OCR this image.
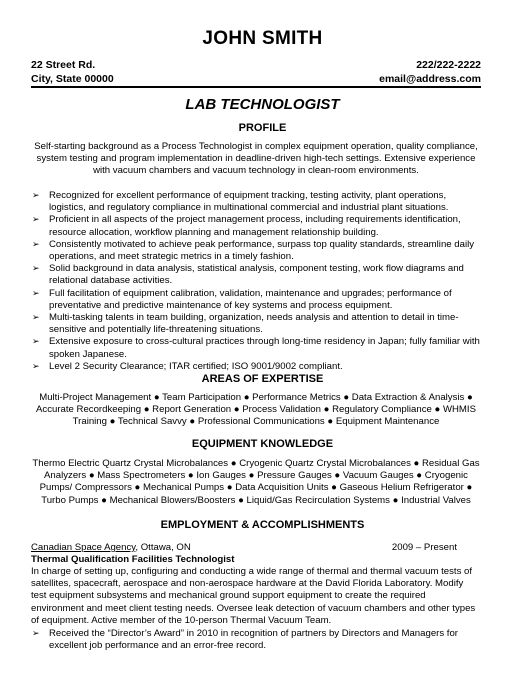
JOHN SMITH
22 Street Rd.
City, State 00000
222/222-2222
email@address.com
LAB TECHNOLOGIST
PROFILE
Self-starting background as a Process Technologist in complex equipment operation, quality compliance, system testing and program implementation in deadline-driven high-tech settings. Extensive experience with vacuum chambers and vacuum technology in clean-room environments.
➢ Recognized for excellent performance of equipment tracking, testing activity, plant operations, logistics, and regulatory compliance in multinational commercial and industrial plant situations.
➢ Proficient in all aspects of the project management process, including requirements identification, resource allocation, workflow planning and management relationship building.
➢ Consistently motivated to achieve peak performance, surpass top quality standards, streamline daily operations, and meet strategic metrics in a timely fashion.
➢ Solid background in data analysis, statistical analysis, component testing, work flow diagrams and relational database activities.
➢ Full facilitation of equipment calibration, validation, maintenance and upgrades; performance of preventative and predictive maintenance of key systems and process equipment.
➢ Multi-tasking talents in team building, organization, needs analysis and attention to detail in time-sensitive and potentially life-threatening situations.
➢ Extensive exposure to cross-cultural practices through long-time residency in Japan; fully familiar with spoken Japanese.
➢ Level 2 Security Clearance; ITAR certified; ISO 9001/9002 compliant.
AREAS OF EXPERTISE
Multi-Project Management ● Team Participation ● Performance Metrics ● Data Extraction & Analysis ● Accurate Recordkeeping ● Report Generation ● Process Validation ● Regulatory Compliance ● WHMIS Training ● Technical Savvy ● Professional Communications ● Equipment Maintenance
EQUIPMENT KNOWLEDGE
Thermo Electric Quartz Crystal Microbalances ● Cryogenic Quartz Crystal Microbalances ● Residual Gas Analyzers ● Mass Spectrometers ● Ion Gauges ● Pressure Gauges ● Vacuum Gauges ● Cryogenic Pumps/ Compressors ● Mechanical Pumps ● Data Acquisition Units ● Gaseous Helium Refrigerator ● Turbo Pumps ● Mechanical Blowers/Boosters ● Liquid/Gas Recirculation Systems ● Industrial Valves
EMPLOYMENT & ACCOMPLISHMENTS
Canadian Space Agency, Ottawa, ON	2009 – Present
Thermal Qualification Facilities Technologist
In charge of setting up, configuring and conducting a wide range of thermal and thermal vacuum tests of satellites, spacecraft, aerospace and non-aerospace hardware at the David Florida Laboratory. Modify test equipment subsystems and mechanical ground support equipment to create the required environment and meet client testing needs. Oversee leak detection of vacuum chambers and other types of equipment. Active member of the 10-person Thermal Vacuum Team.
➢ Received the “Director’s Award” in 2010 in recognition of partners by Directors and Managers for excellent job performance and an error-free record.
